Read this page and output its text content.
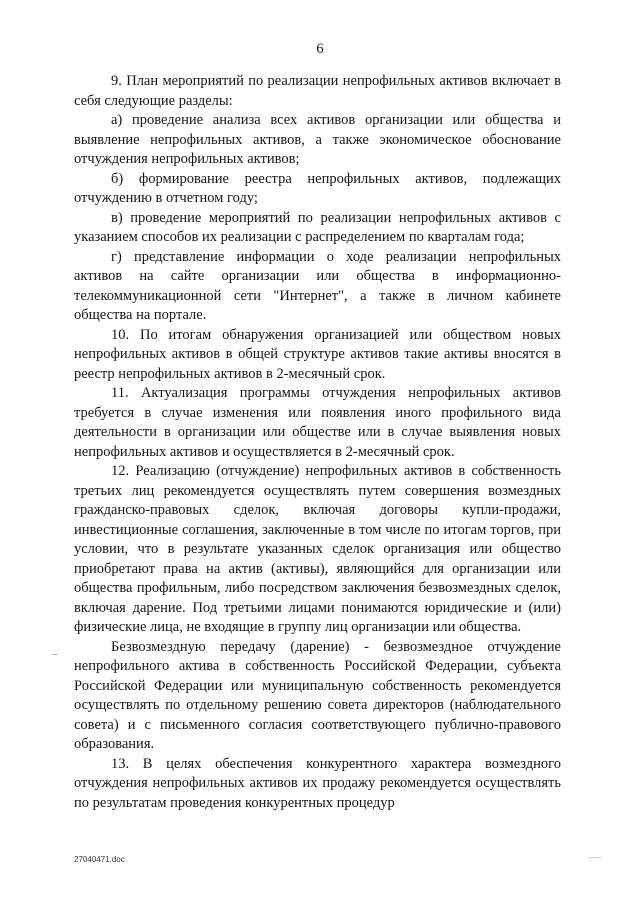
6

9. План мероприятий по реализации непрофильных активов включает в себя следующие разделы:

а) проведение анализа всех активов организации или общества и выявление непрофильных активов, а также экономическое обоснование отчуждения непрофильных активов;

б) формирование реестра непрофильных активов, подлежащих отчуждению в отчетном году;

в) проведение мероприятий по реализации непрофильных активов с указанием способов их реализации с распределением по кварталам года;

г) представление информации о ходе реализации непрофильных активов на сайте организации или общества в информационно-телекоммуникационной сети "Интернет", а также в личном кабинете общества на портале.

10. По итогам обнаружения организацией или обществом новых непрофильных активов в общей структуре активов такие активы вносятся в реестр непрофильных активов в 2-месячный срок.

11. Актуализация программы отчуждения непрофильных активов требуется в случае изменения или появления иного профильного вида деятельности в организации или обществе или в случае выявления новых непрофильных активов и осуществляется в 2-месячный срок.

12. Реализацию (отчуждение) непрофильных активов в собственность третьих лиц рекомендуется осуществлять путем совершения возмездных гражданско-правовых сделок, включая договоры купли-продажи, инвестиционные соглашения, заключенные в том числе по итогам торгов, при условии, что в результате указанных сделок организация или общество приобретают права на актив (активы), являющийся для организации или общества профильным, либо посредством заключения безвозмездных сделок, включая дарение. Под третьими лицами понимаются юридические и (или) физические лица, не входящие в группу лиц организации или общества.

Безвозмездную передачу (дарение) - безвозмездное отчуждение непрофильного актива в собственность Российской Федерации, субъекта Российской Федерации или муниципальную собственность рекомендуется осуществлять по отдельному решению совета директоров (наблюдательного совета) и с письменного согласия соответствующего публично-правового образования.

13. В целях обеспечения конкурентного характера возмездного отчуждения непрофильных активов их продажу рекомендуется осуществлять по результатам проведения конкурентных процедур

27040471.doc
